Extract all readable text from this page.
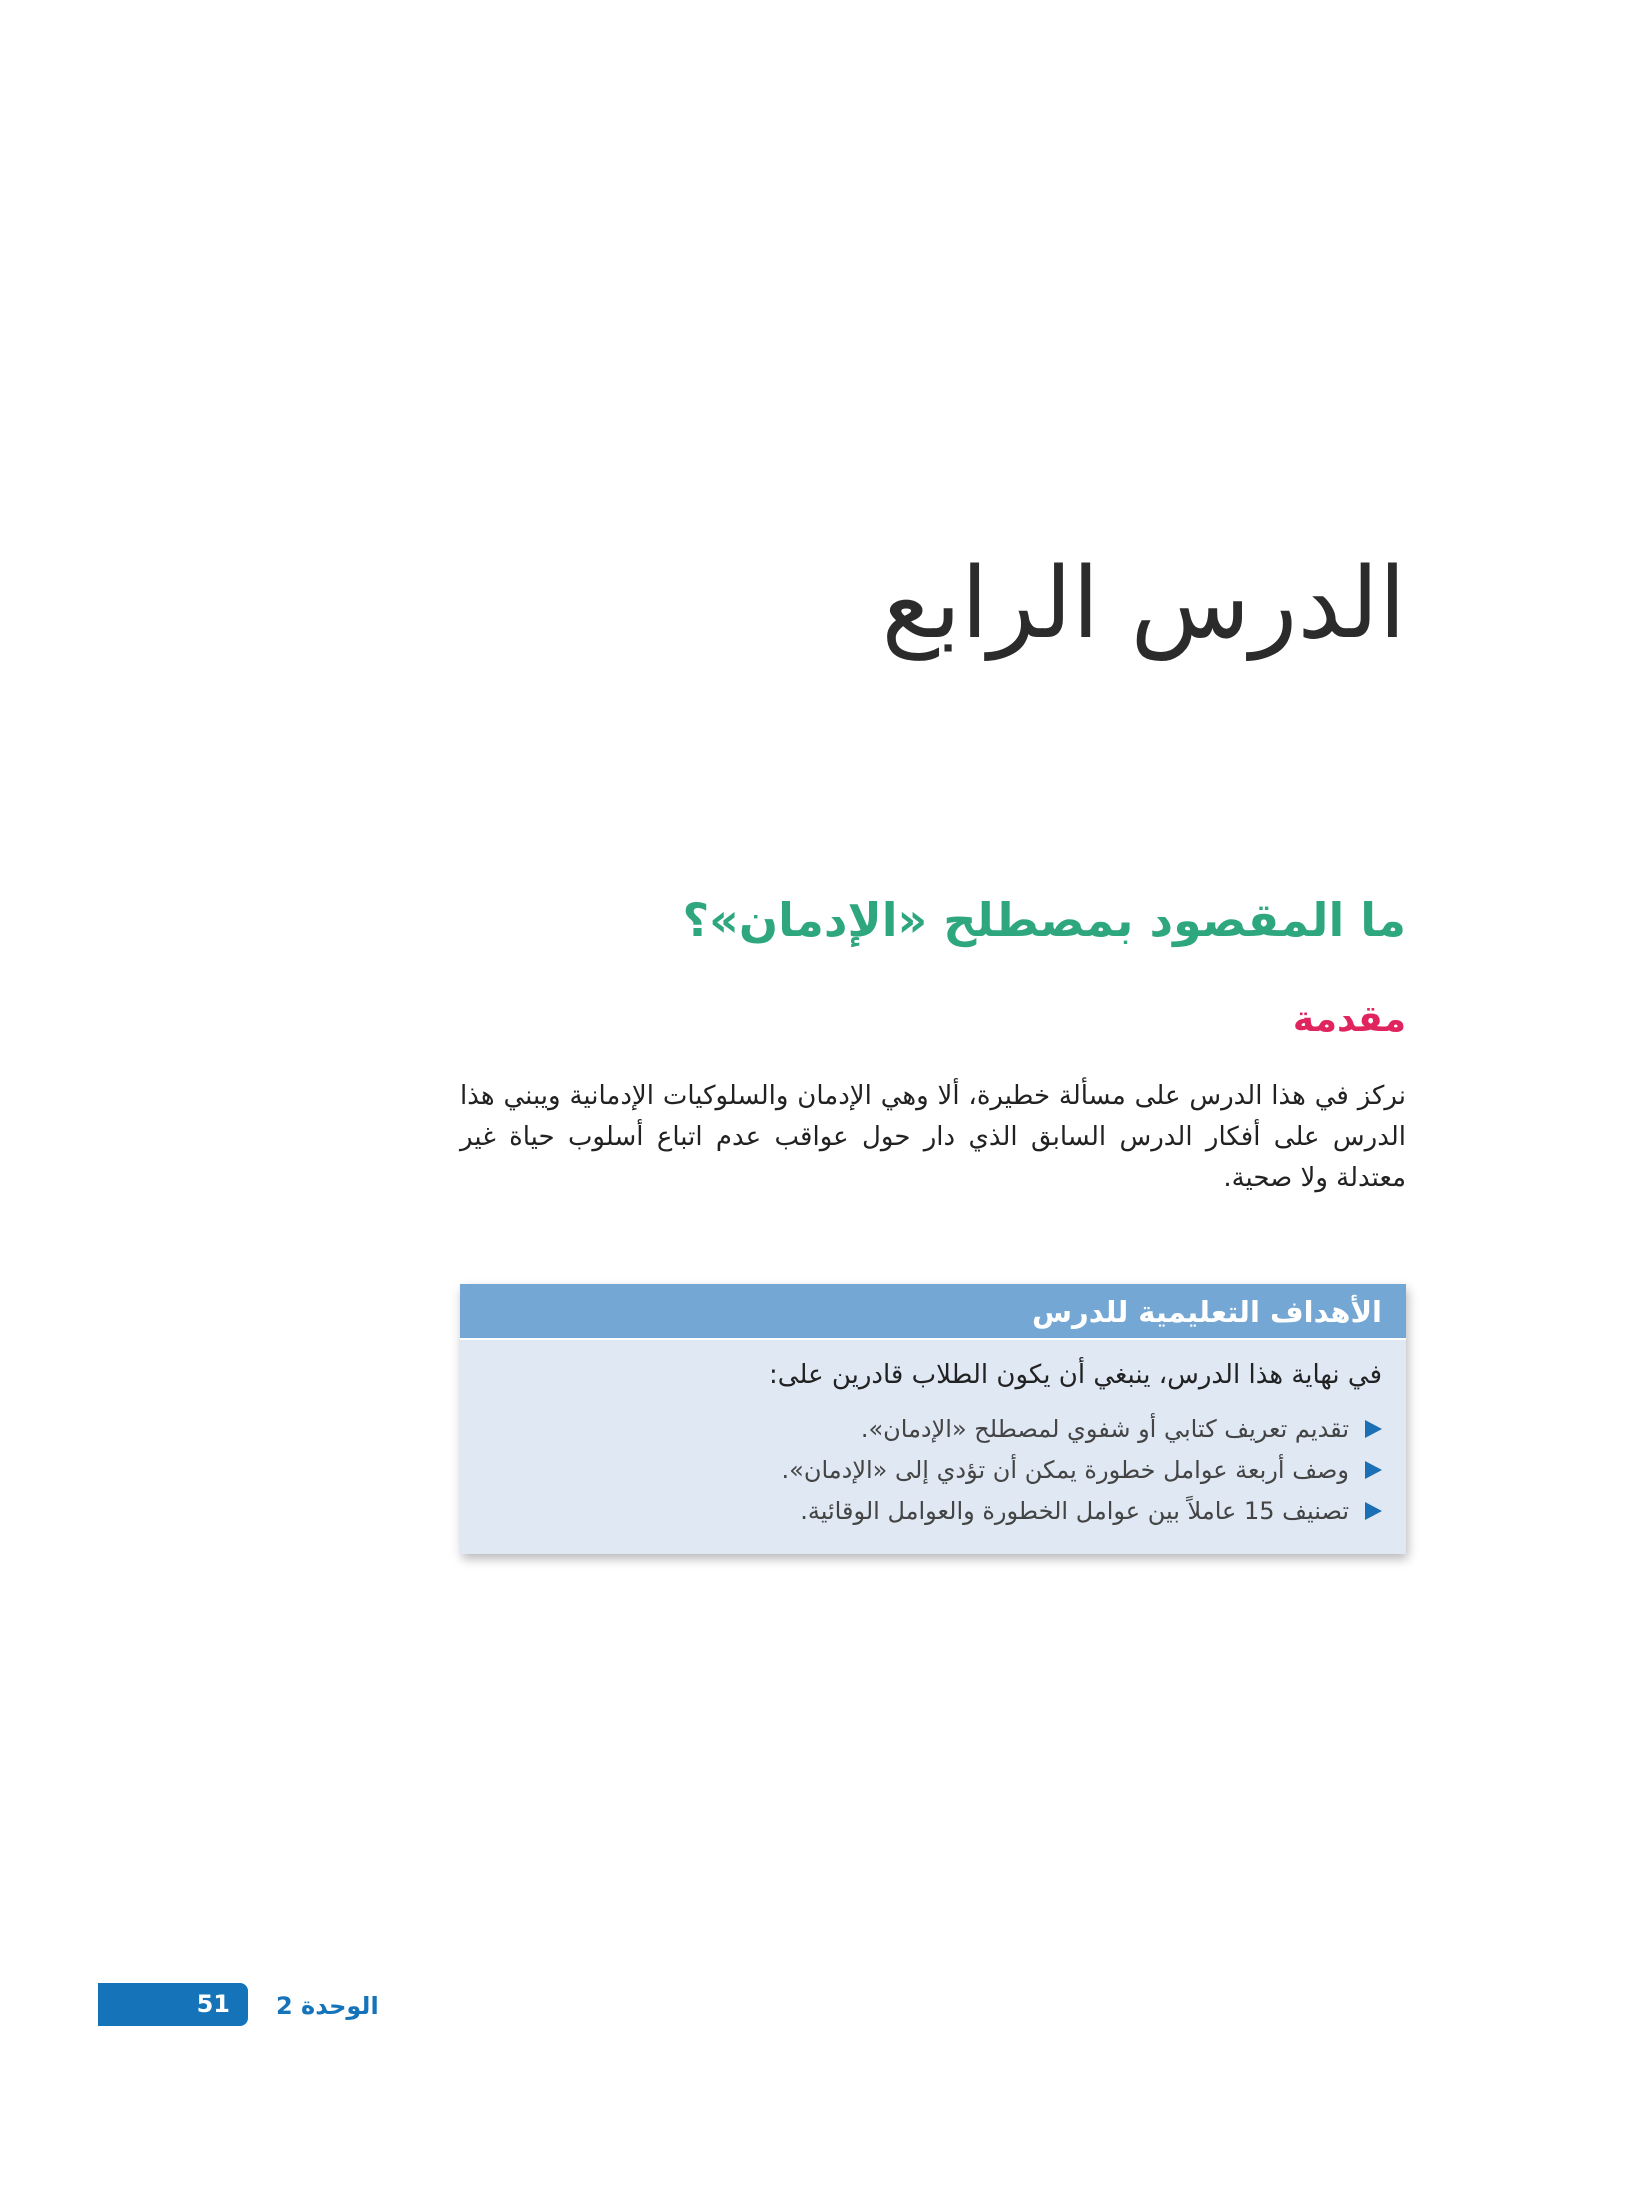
الدرس الرابع
ما المقصود بمصطلح «الإدمان»؟
مقدمة

نركز في هذا الدرس على مسألة خطيرة، ألا وهي الإدمان والسلوكيات الإدمانية ويبني هذا الدرس على أفكار الدرس السابق الذي دار حول عواقب عدم اتباع أسلوب حياة غير معتدلة ولا صحية.

الأهداف التعليمية للدرس

في نهاية هذا الدرس، ينبغي أن يكون الطلاب قادرين على:

تقديم تعريف كتابي أو شفوي لمصطلح «الإدمان».
وصف أربعة عوامل خطورة يمكن أن تؤدي إلى «الإدمان».
تصنيف 15 عاملاً بين عوامل الخطورة والعوامل الوقائية.
51 الوحدة 2
